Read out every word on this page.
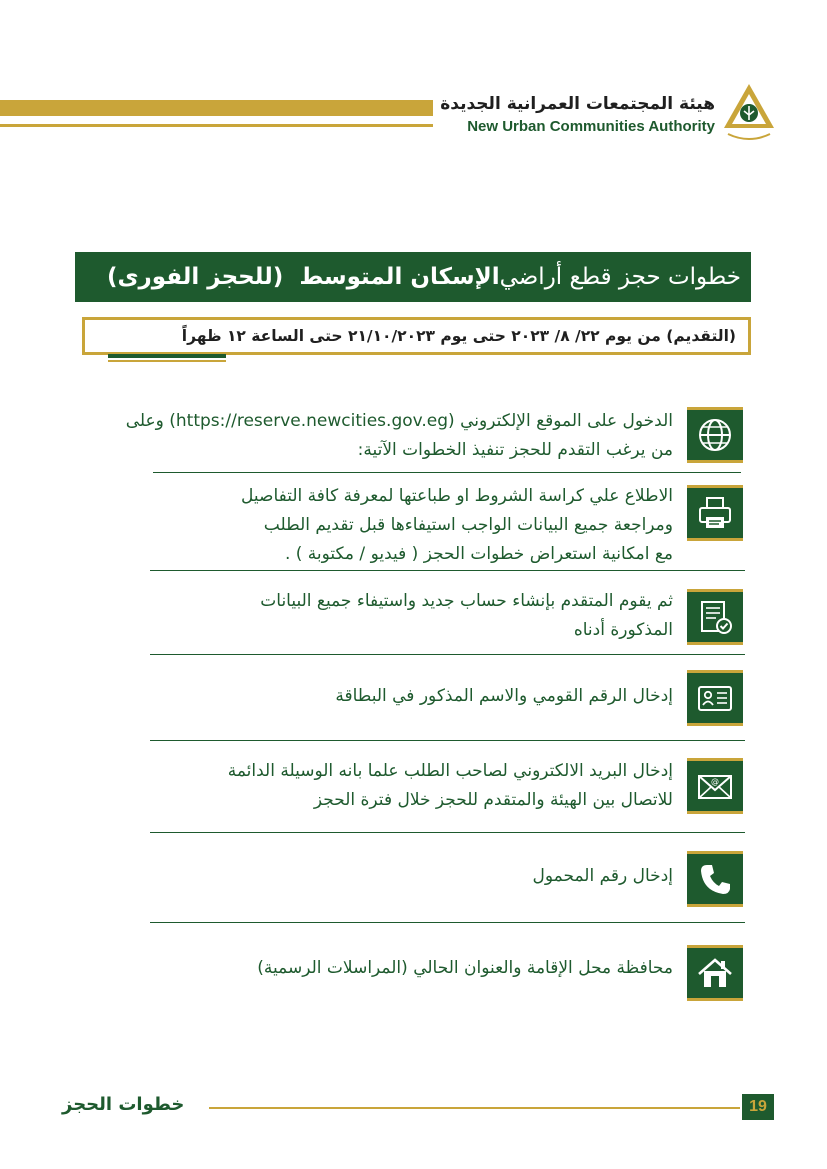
هيئة المجتمعات العمرانية الجديدة
New Urban Communities Authority
خطوات حجز قطع أراضي
الإسكان المتوسط
(للحجز الفورى)
(التقديم) من يوم ٢٢/ ٨/ ٢٠٢٣ حتى يوم ٢١/١٠/٢٠٢٣ حتى الساعة ١٢ ظهراً
الدخول على الموقع الإلكتروني (https://reserve.newcities.gov.eg) وعلى
من يرغب التقدم للحجز تنفيذ الخطوات الآتية:
الاطلاع علي كراسة الشروط او طباعتها لمعرفة كافة التفاصيل
ومراجعة جميع البيانات الواجب استيفاءها قبل تقديم الطلب
مع امكانية استعراض خطوات الحجز ( فيديو / مكتوبة ) .
ثم يقوم المتقدم بإنشاء حساب جديد واستيفاء جميع البيانات
المذكورة أدناه
إدخال الرقم القومي والاسم المذكور في البطاقة
@
إدخال البريد الالكتروني لصاحب الطلب علما بانه الوسيلة الدائمة
للاتصال بين الهيئة والمتقدم للحجز خلال فترة الحجز
إدخال رقم المحمول
محافظة محل الإقامة والعنوان الحالي (المراسلات الرسمية)
خطوات الحجز	19
